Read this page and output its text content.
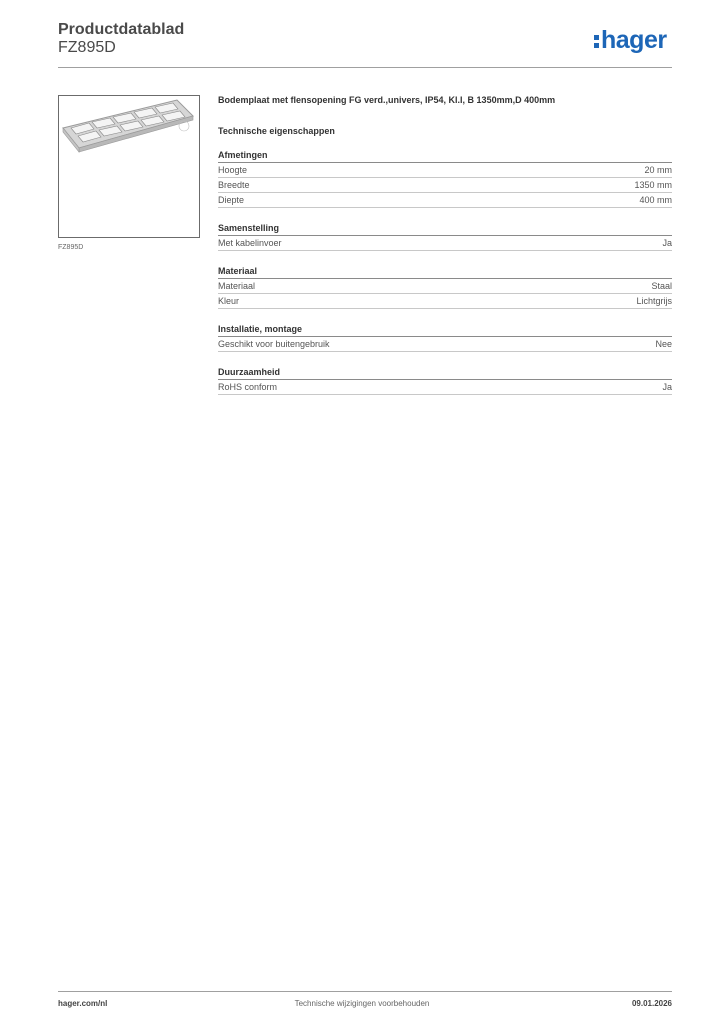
Productdatablad
FZ895D	hager
FZ895D
Bodemplaat met flensopening FG verd.,univers, IP54, Kl.I, B 1350mm,D 400mm
Technische eigenschappen
Afmetingen
Hoogte	20 mm
Breedte	1350 mm
Diepte	400 mm
Samenstelling
Met kabelinvoer	Ja
Materiaal
Materiaal	Staal
Kleur	Lichtgrijs
Installatie, montage
Geschikt voor buitengebruik	Nee
Duurzaamheid
RoHS conform	Ja
hager.com/nl	Technische wijzigingen voorbehouden	09.01.2026
